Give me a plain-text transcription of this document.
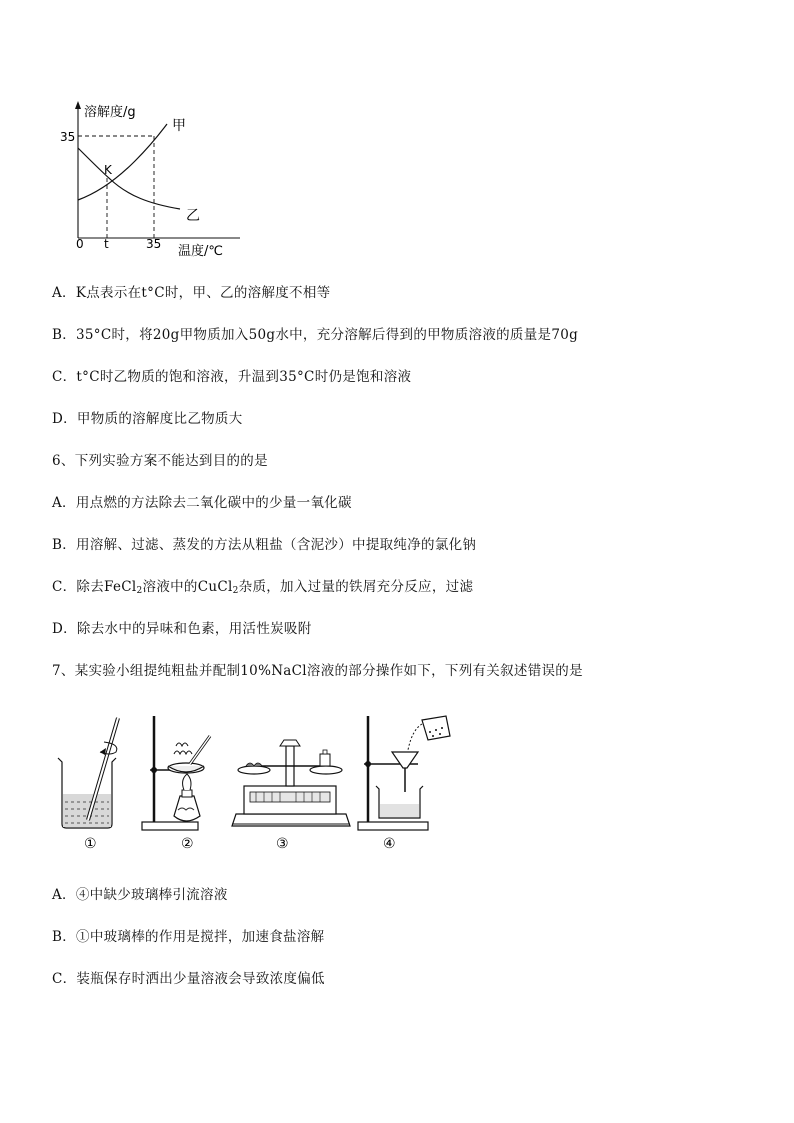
溶解度/g
温度/℃
35
0 t	35
K
甲
乙
A．K点表示在t°C时，甲、乙的溶解度不相等
B．35°C时，将20g甲物质加入50g水中，充分溶解后得到的甲物质溶液的质量是70g
C．t°C时乙物质的饱和溶液，升温到35°C时仍是饱和溶液
D．甲物质的溶解度比乙物质大
6、下列实验方案不能达到目的的是
A．用点燃的方法除去二氧化碳中的少量一氧化碳
B．用溶解、过滤、蒸发的方法从粗盐（含泥沙）中提取纯净的氯化钠
C．除去FeCl$_2$溶液中的CuCl$_2$杂质，加入过量的铁屑充分反应，过滤
D．除去水中的异味和色素，用活性炭吸附
7、某实验小组提纯粗盐并配制10%NaCl溶液的部分操作如下，下列有关叙述错误的是
①	②	③	④
A．④中缺少玻璃棒引流溶液
B．①中玻璃棒的作用是搅拌，加速食盐溶解
C．装瓶保存时洒出少量溶液会导致浓度偏低
